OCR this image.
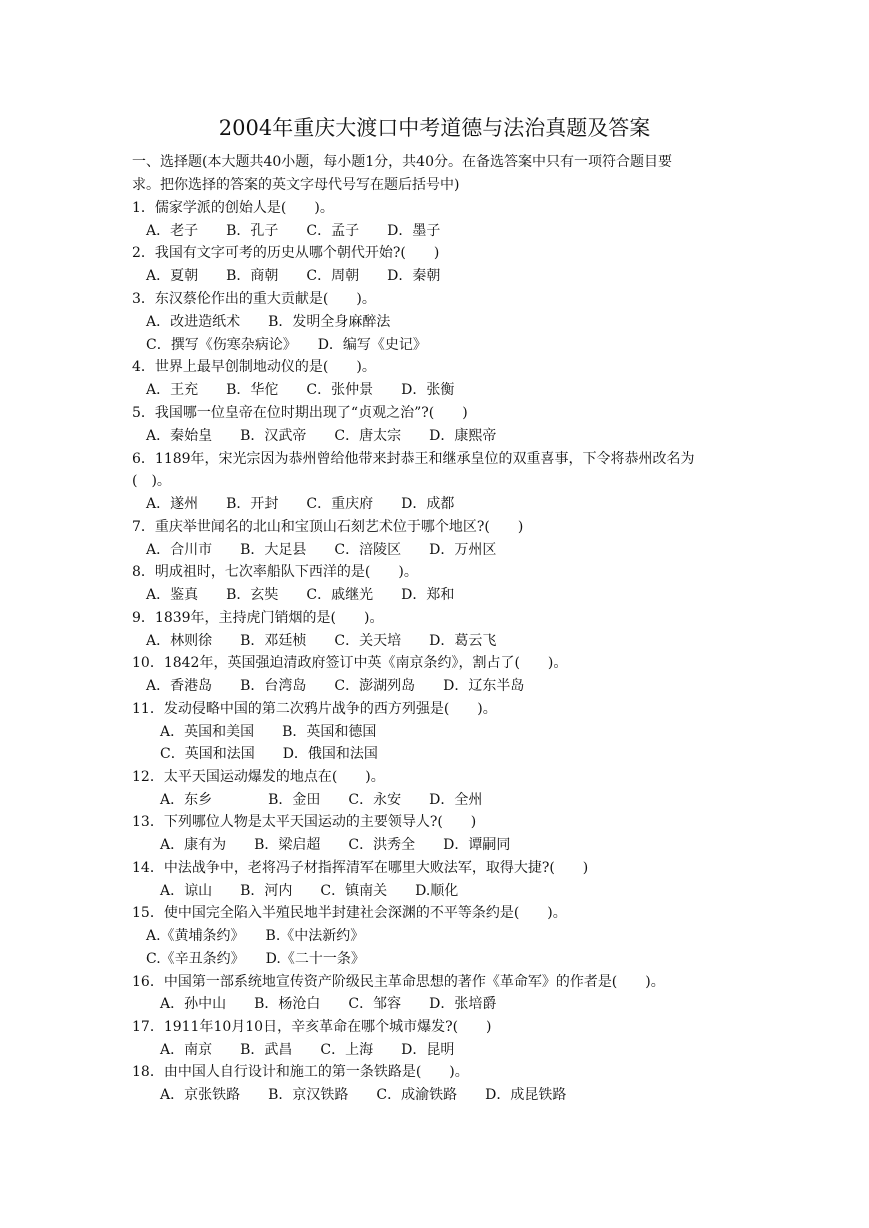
2004年重庆大渡口中考道德与法治真题及答案
一、选择题(本大题共40小题，每小题1分，共40分。在备选答案中只有一项符合题目要
求。把你选择的答案的英文字母代号写在题后括号中)
1．儒家学派的创始人是(　　)。
A．老子　　B．孔子　　C．孟子　　D．墨子
2．我国有文字可考的历史从哪个朝代开始?(　　)
A．夏朝　　B．商朝　　C．周朝　　D．秦朝
3．东汉蔡伦作出的重大贡献是(　　)。
A．改进造纸术　　B．发明全身麻醉法
C．撰写《伤寒杂病论》　　D．编写《史记》
4．世界上最早创制地动仪的是(　　)。
A．王充　　B．华佗　　C．张仲景　　D．张衡
5．我国哪一位皇帝在位时期出现了“贞观之治”?(　　)
A．秦始皇　　B．汉武帝　　C．唐太宗　　D．康熙帝
6．1189年，宋光宗因为恭州曾给他带来封恭王和继承皇位的双重喜事，下令将恭州改名为
(　)。
A．遂州　　B．开封　　C．重庆府　　D．成都
7．重庆举世闻名的北山和宝顶山石刻艺术位于哪个地区?(　　)
A．合川市　　B．大足县　　C．涪陵区　　D．万州区
8．明成祖时，七次率船队下西洋的是(　　)。
A．鉴真　　B．玄奘　　C．戚继光　　D．郑和
9．1839年，主持虎门销烟的是(　　)。
A．林则徐　　B．邓廷桢　　C．关天培　　D．葛云飞
10．1842年，英国强迫清政府签订中英《南京条约》，割占了(　　)。
A．香港岛　　B．台湾岛　　C．澎湖列岛　　D．辽东半岛
11．发动侵略中国的第二次鸦片战争的西方列强是(　　)。
A．英国和美国　　B．英国和德国
C．英国和法国　　D．俄国和法国
12．太平天国运动爆发的地点在(　　)。
A．东乡　　　　B．金田　　C．永安　　D．全州
13．下列哪位人物是太平天国运动的主要领导人?(　　)
A．康有为　　B．梁启超　　C．洪秀全　　D．谭嗣同
14．中法战争中，老将冯子材指挥清军在哪里大败法军，取得大捷?(　　)
A．谅山　　B．河内　　C．镇南关　　D.顺化
15．使中国完全陷入半殖民地半封建社会深渊的不平等条约是(　　)。
A.《黄埔条约》　　B.《中法新约》
C.《辛丑条约》　　D.《二十一条》
16．中国第一部系统地宣传资产阶级民主革命思想的著作《革命军》的作者是(　　)。
A．孙中山　　B．杨沧白　　C．邹容　　D．张培爵
17．1911年10月10日，辛亥革命在哪个城市爆发?(　　)
A．南京　　B．武昌　　C．上海　　D．昆明
18．由中国人自行设计和施工的第一条铁路是(　　)。
A．京张铁路　　B．京汉铁路　　C．成渝铁路　　D．成昆铁路
